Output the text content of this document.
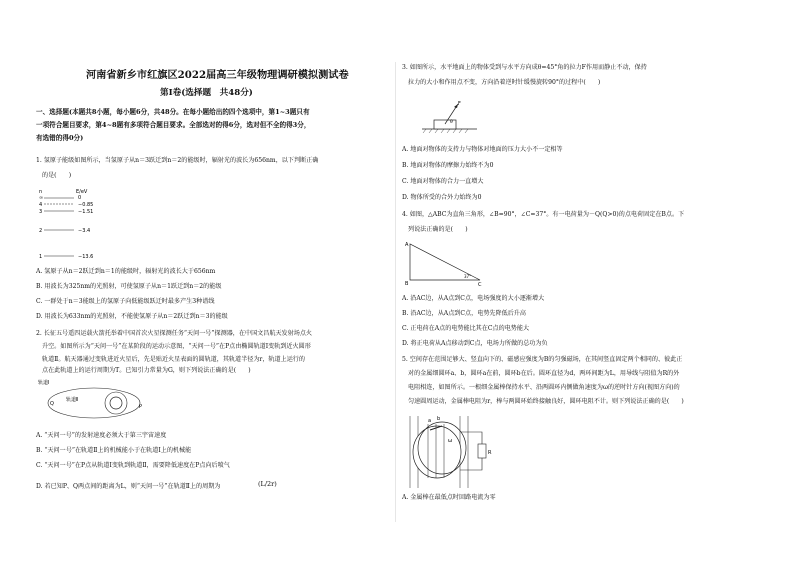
河南省新乡市红旗区2022届高三年级物理调研模拟测试卷
第Ⅰ卷(选择题　共48分)
一、选择题(本题共8小题，每小题6分，共48分。在每小题给出的四个选项中，第1~3题只有
一项符合题目要求，第4~8题有多项符合题目要求。全部选对的得6分，选对但不全的得3分，
有选错的得0分)
1. 氢原子能级如图所示，当氢原子从n＝3跃迁到n＝2的能级时，辐射光的波长为656nm，以下判断正确
的是(　　)
n	E/eV
∞	0
4	−0.85
3	−1.51
2	−3.4
1	−13.6
A. 氢原子从n＝2跃迁到n＝1的能级时，辐射光的波长大于656nm
B. 用波长为325nm的光照射，可使氢原子从n＝1跃迁到n＝2的能级
C. 一群处于n＝3能级上的氢原子向低能级跃迁时最多产生3种谱线
D. 用波长为633nm的光照射，不能使氢原子从n＝2跃迁到n＝3的能级
2. 长征五号遥四运载火箭托举着中国首次火星探测任务“天问一号”探测器，在中国文昌航天发射场点火
升空。如图所示为“天问一号”在某阶段的运动示意图，“天问一号”在P点由椭圆轨道Ⅰ变轨到近火圆形
轨道Ⅱ。航天器通过变轨进近火星后，先是贴近火星表面的圆轨道，其轨道半径为r，轨道上运行的
点在此轨道上的运行周期为T。已知引力常量为G，则下列说法正确的是(　　)
轨道Ⅰ
轨道Ⅱ
Q	P
A. “天问一号”的发射速度必须大于第三宇宙速度
B. “天问一号”在轨道Ⅱ上的机械能小于在轨道Ⅰ上的机械能
C. “天问一号”在P点从轨道Ⅰ变轨到轨道Ⅱ，需要降低速度在P点向后喷气
D. 若已知P、Q两点间的距离为L，则“天问一号”在轨道Ⅱ上的周期为	(L/2r)
3. 如图所示，水平地面上的物体受到与水平方向成θ=45°角的拉力F作用而静止不动，保持
拉力的大小和作用点不变，方向沿着逆时针缓慢旋转90°的过程中(　　)
F
θ
A. 地面对物体的支持力与物体对地面的压力大小不一定相等
B. 地面对物体的摩擦力始终不为0
C. 地面对物体的合力一直增大
D. 物体所受的合外力始终为0
4. 如图，△ABC为直角三角形，∠B=90°，∠C=37°。有一电荷量为－Q(Q>0)的点电荷固定在B点。下
列说法正确的是(　　)
A
B	C
37°
A. 沿AC边，从A点到C点，电场强度的大小逐渐增大
B. 沿AC边，从A点到C点，电势先降低后升高
C. 正电荷在A点的电势能比其在C点的电势能大
D. 将正电荷从A点移动到C点，电场力所做的总功为负
5. 空间存在范围足够大、竖直向下的、磁感应强度为B的匀强磁场，在其间竖直固定两个相同的、彼此正
对的金属细圆环a、b，圆环a在前，圆环b在后。圆环直径为d，两环间距为L，用导线与阻值为R的外
电阻相连，如图所示。一根细金属棒保持水平、沿两圆环内侧做角速度为ω的逆时针方向(视图方向)的
匀速圆周运动，金属棒电阻为r，棒与两圆环始终接触良好，圆环电阻不计。则下列说法正确的是(　　)
a b
ω
R
A. 金属棒在最低点时回路电流为零
